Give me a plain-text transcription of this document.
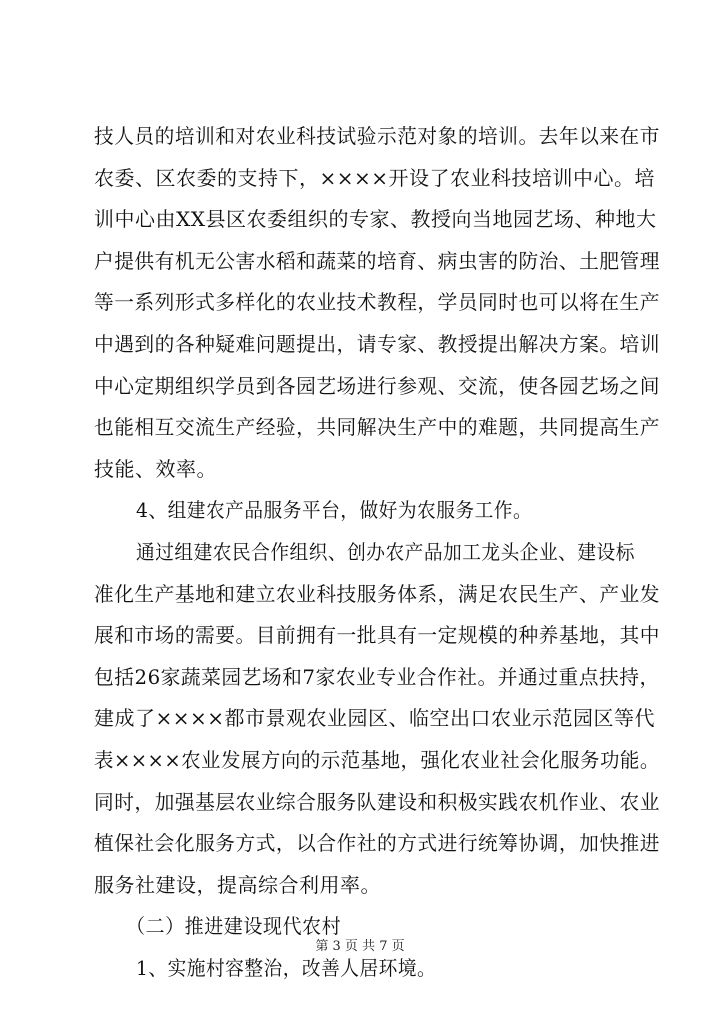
技人员的培训和对农业科技试验示范对象的培训。去年以来在市
农委、区农委的支持下，××××开设了农业科技培训中心。培
训中心由XX县区农委组织的专家、教授向当地园艺场、种地大
户提供有机无公害水稻和蔬菜的培育、病虫害的防治、土肥管理
等一系列形式多样化的农业技术教程，学员同时也可以将在生产
中遇到的各种疑难问题提出，请专家、教授提出解决方案。培训
中心定期组织学员到各园艺场进行参观、交流，使各园艺场之间
也能相互交流生产经验，共同解决生产中的难题，共同提高生产
技能、效率。
4、组建农产品服务平台，做好为农服务工作。
通过组建农民合作组织、创办农产品加工龙头企业、建设标
准化生产基地和建立农业科技服务体系，满足农民生产、产业发
展和市场的需要。目前拥有一批具有一定规模的种养基地，其中
包括26家蔬菜园艺场和7家农业专业合作社。并通过重点扶持，
建成了××××都市景观农业园区、临空出口农业示范园区等代
表××××农业发展方向的示范基地，强化农业社会化服务功能。
同时，加强基层农业综合服务队建设和积极实践农机作业、农业
植保社会化服务方式，以合作社的方式进行统筹协调，加快推进
服务社建设，提高综合利用率。
（二）推进建设现代农村
1、实施村容整治，改善人居环境。
第 3 页 共 7 页
